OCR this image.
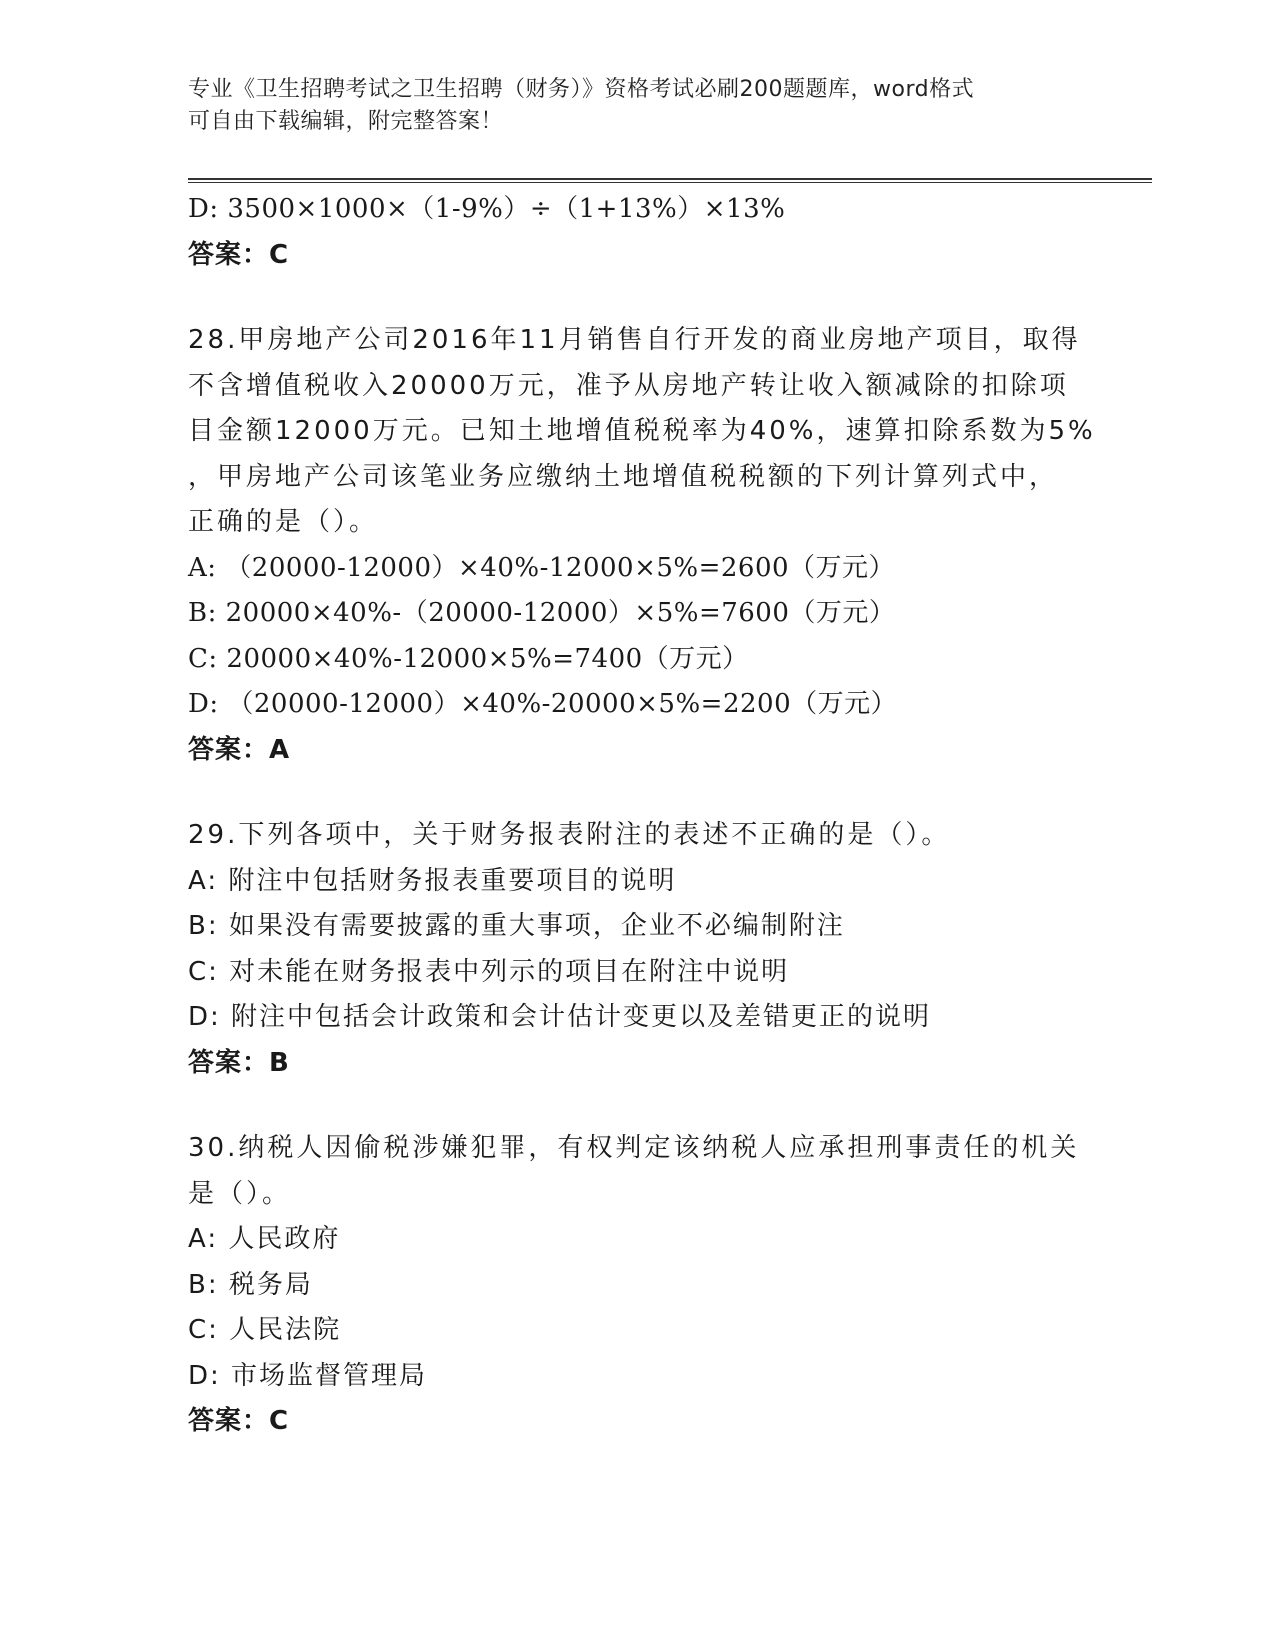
专业《卫生招聘考试之卫生招聘（财务）》资格考试必刷200题题库，word格式
可自由下载编辑，附完整答案！
D: 3500×1000×（1-9%）÷（1+13%）×13%
答案：C
28.甲房地产公司2016年11月销售自行开发的商业房地产项目，取得
不含增值税收入20000万元，准予从房地产转让收入额减除的扣除项
目金额12000万元。已知土地增值税税率为40%，速算扣除系数为5%
，甲房地产公司该笔业务应缴纳土地增值税税额的下列计算列式中，
正确的是（）。
A: （20000-12000）×40%-12000×5%=2600（万元）
B: 20000×40%-（20000-12000）×5%=7600（万元）
C: 20000×40%-12000×5%=7400（万元）
D: （20000-12000）×40%-20000×5%=2200（万元）
答案：A
29.下列各项中，关于财务报表附注的表述不正确的是（）。
A: 附注中包括财务报表重要项目的说明
B: 如果没有需要披露的重大事项，企业不必编制附注
C: 对未能在财务报表中列示的项目在附注中说明
D: 附注中包括会计政策和会计估计变更以及差错更正的说明
答案：B
30.纳税人因偷税涉嫌犯罪，有权判定该纳税人应承担刑事责任的机关
是（）。
A: 人民政府
B: 税务局
C: 人民法院
D: 市场监督管理局
答案：C
